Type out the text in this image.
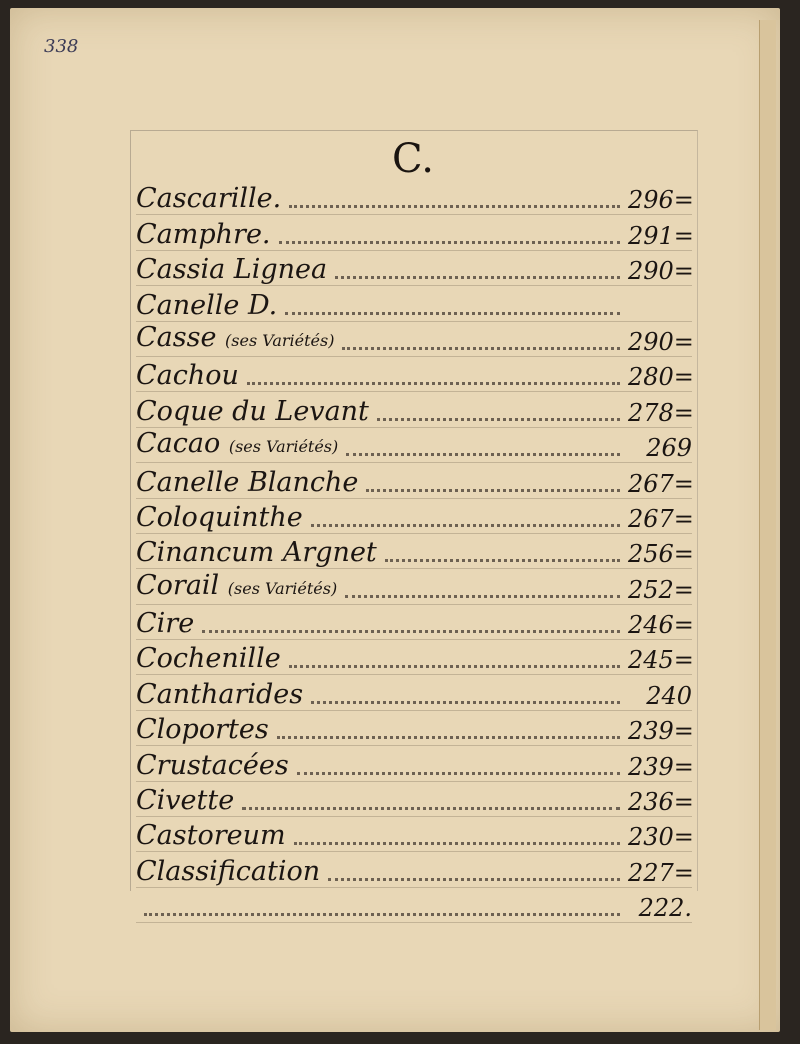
338
C.
Cascarille.	296=
Camphre.	291=
Cassia Lignea	290=
Canelle D.
Casse (ses Variétés)	290=
Cachou	280=
Coque du Levant	278=
Cacao (ses Variétés)	269
Canelle Blanche	267=
Coloquinthe	267=
Cinancum Argnet	256=
Corail (ses Variétés)	252=
Cire	246=
Cochenille	245=
Cantharides	240
Cloportes	239=
Crustacées	239=
Civette	236=
Castoreum	230=
Classification	227=
222.
